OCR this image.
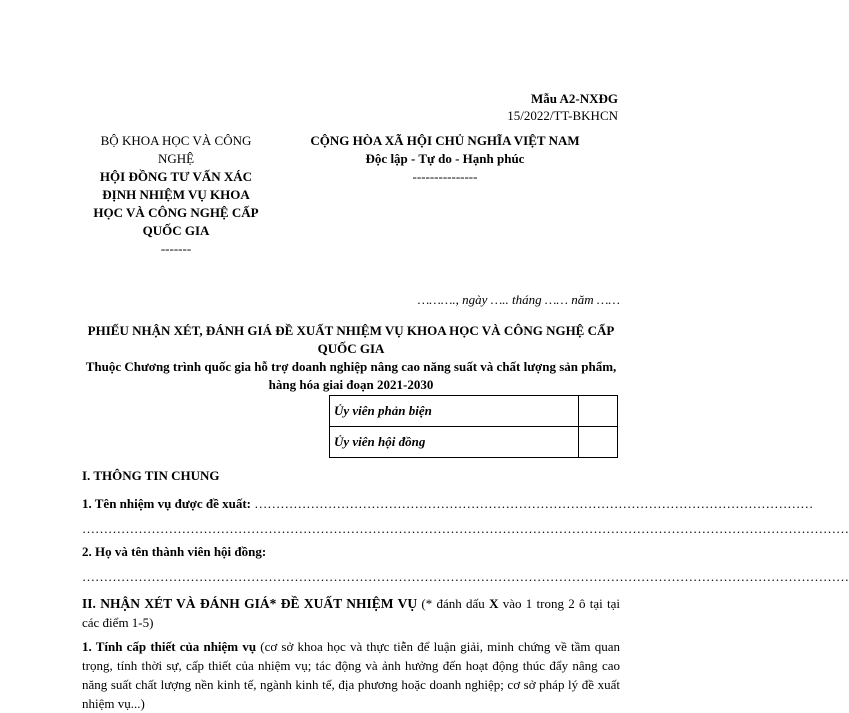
Mẫu A2-NXĐG
15/2022/TT-BKHCN
BỘ KHOA HỌC VÀ CÔNG NGHỆ
HỘI ĐỒNG TƯ VẤN XÁC ĐỊNH NHIỆM VỤ KHOA HỌC VÀ CÔNG NGHỆ CẤP QUỐC GIA
-------
CỘNG HÒA XÃ HỘI CHỦ NGHĨA VIỆT NAM
Độc lập - Tự do - Hạnh phúc
---------------
………., ngày ….. tháng …… năm ……
PHIẾU NHẬN XÉT, ĐÁNH GIÁ ĐỀ XUẤT NHIỆM VỤ KHOA HỌC VÀ CÔNG NGHỆ CẤP QUỐC GIA
Thuộc Chương trình quốc gia hỗ trợ doanh nghiệp nâng cao năng suất và chất lượng sản phẩm, hàng hóa giai đoạn 2021-2030
Ủy viên phản biện	
Ủy viên hội đồng	
I. THÔNG TIN CHUNG
1. Tên nhiệm vụ được đề xuất: …………………………………………………………………………………………………………………
……………………………………………………………………………………………………………………………………………………………
2. Họ và tên thành viên hội đồng:
……………………………………………………………………………………………………………………………………………………………
II. NHẬN XÉT VÀ ĐÁNH GIÁ* ĐỀ XUẤT NHIỆM VỤ (* đánh dấu X vào 1 trong 2 ô tại tại các điểm 1-5)
1. Tính cấp thiết của nhiệm vụ (cơ sở khoa học và thực tiễn để luận giải, minh chứng về tầm quan trọng, tính thời sự, cấp thiết của nhiệm vụ; tác động và ảnh hưởng đến hoạt động thúc đẩy nâng cao năng suất chất lượng nền kinh tế, ngành kinh tế, địa phương hoặc doanh nghiệp; cơ sở pháp lý đề xuất nhiệm vụ...)
